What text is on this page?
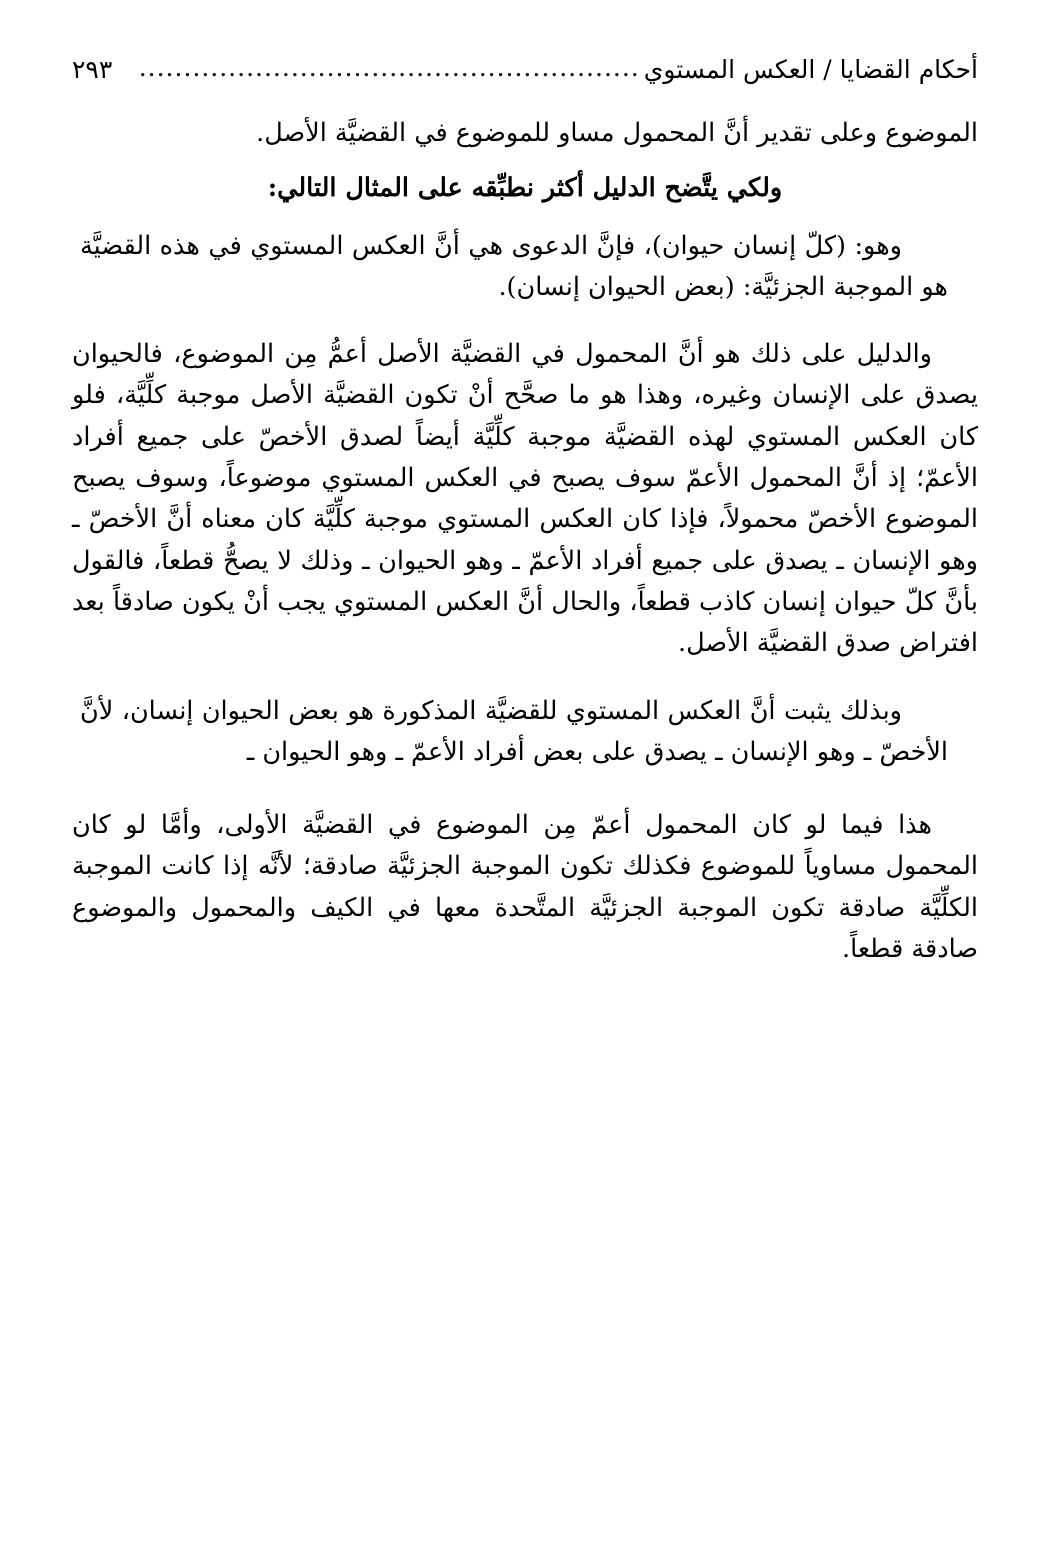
أحكام القضايا / العكس المستوي
........................................................
٢٩٣

الموضوع وعلى تقدير أنَّ المحمول مساو للموضوع في القضيَّة الأصل.

ولكي يتَّضح الدليل أكثر نطبِّقه على المثال التالي:

وهو: (كلّ إنسان حيوان)، فإنَّ الدعوى هي أنَّ العكس المستوي في هذه القضيَّة هو الموجبة الجزئيَّة: (بعض الحيوان إنسان).

والدليل على ذلك هو أنَّ المحمول في القضيَّة الأصل أعمُّ مِن الموضوع، فالحيوان يصدق على الإنسان وغيره، وهذا هو ما صحَّح أنْ تكون القضيَّة الأصل موجبة كلِّيَّة، فلو كان العكس المستوي لهذه القضيَّة موجبة كلِّيَّة أيضاً لصدق الأخصّ على جميع أفراد الأعمّ؛ إذ أنَّ المحمول الأعمّ سوف يصبح في العكس المستوي موضوعاً، وسوف يصبح الموضوع الأخصّ محمولاً، فإذا كان العكس المستوي موجبة كلِّيَّة كان معناه أنَّ الأخصّ ـ وهو الإنسان ـ يصدق على جميع أفراد الأعمّ ـ وهو الحيوان ـ وذلك لا يصحُّ قطعاً، فالقول بأنَّ كلّ حيوان إنسان كاذب قطعاً، والحال أنَّ العكس المستوي يجب أنْ يكون صادقاً بعد افتراض صدق القضيَّة الأصل.

وبذلك يثبت أنَّ العكس المستوي للقضيَّة المذكورة هو بعض الحيوان إنسان، لأنَّ الأخصّ ـ وهو الإنسان ـ يصدق على بعض أفراد الأعمّ ـ وهو الحيوان ـ

هذا فيما لو كان المحمول أعمّ مِن الموضوع في القضيَّة الأولى، وأمَّا لو كان المحمول مساوياً للموضوع فكذلك تكون الموجبة الجزئيَّة صادقة؛ لأنَّه إذا كانت الموجبة الكلِّيَّة صادقة تكون الموجبة الجزئيَّة المتَّحدة معها في الكيف والمحمول والموضوع صادقة قطعاً.
